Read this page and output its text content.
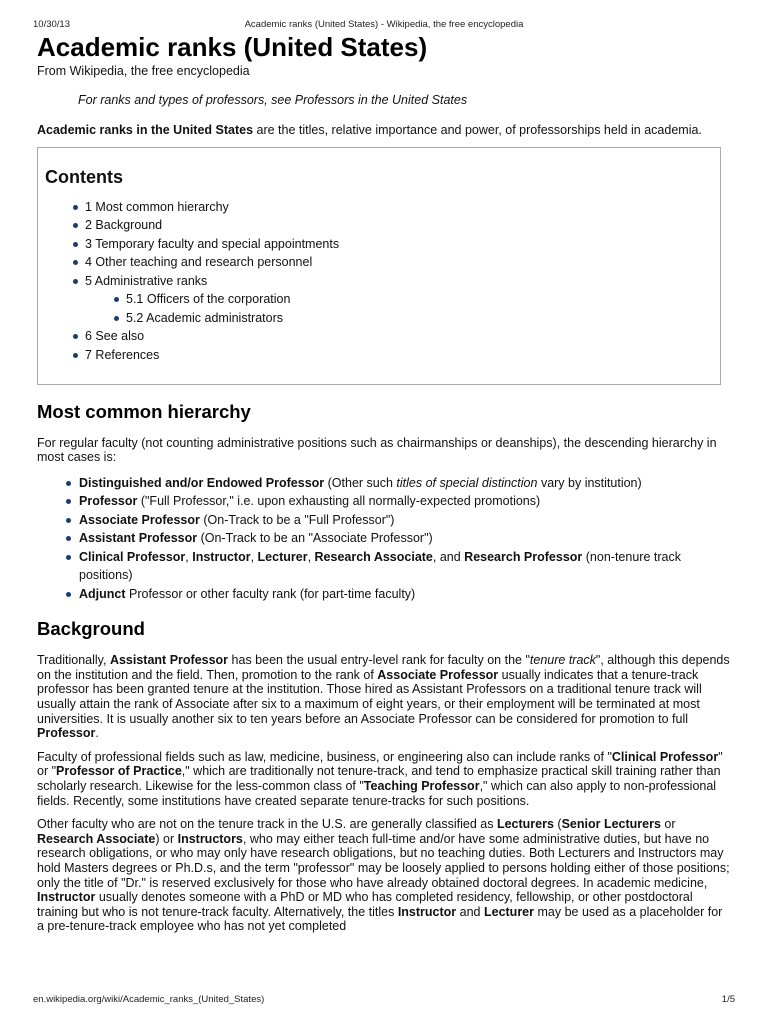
10/30/13	Academic ranks (United States) - Wikipedia, the free encyclopedia
Academic ranks (United States)
From Wikipedia, the free encyclopedia
For ranks and types of professors, see Professors in the United States

Academic ranks in the United States are the titles, relative importance and power, of professorships held in academia.

Contents
1 Most common hierarchy
2 Background
3 Temporary faculty and special appointments
4 Other teaching and research personnel
5 Administrative ranks
5.1 Officers of the corporation
5.2 Academic administrators
6 See also
7 References
Most common hierarchy

For regular faculty (not counting administrative positions such as chairmanships or deanships), the descending hierarchy in most cases is:

Distinguished and/or Endowed Professor (Other such titles of special distinction vary by institution)
Professor ("Full Professor," i.e. upon exhausting all normally-expected promotions)
Associate Professor (On-Track to be a "Full Professor")
Assistant Professor (On-Track to be an "Associate Professor")
Clinical Professor, Instructor, Lecturer, Research Associate, and Research Professor (non-tenure track positions)
Adjunct Professor or other faculty rank (for part-time faculty)
Background

Traditionally, Assistant Professor has been the usual entry-level rank for faculty on the "tenure track", although this depends on the institution and the field. Then, promotion to the rank of Associate Professor usually indicates that a tenure-track professor has been granted tenure at the institution. Those hired as Assistant Professors on a traditional tenure track will usually attain the rank of Associate after six to a maximum of eight years, or their employment will be terminated at most universities. It is usually another six to ten years before an Associate Professor can be considered for promotion to full Professor.

Faculty of professional fields such as law, medicine, business, or engineering also can include ranks of "Clinical Professor" or "Professor of Practice," which are traditionally not tenure-track, and tend to emphasize practical skill training rather than scholarly research. Likewise for the less-common class of "Teaching Professor," which can also apply to non-professional fields. Recently, some institutions have created separate tenure-tracks for such positions.

Other faculty who are not on the tenure track in the U.S. are generally classified as Lecturers (Senior Lecturers or Research Associate) or Instructors, who may either teach full-time and/or have some administrative duties, but have no research obligations, or who may only have research obligations, but no teaching duties. Both Lecturers and Instructors may hold Masters degrees or Ph.D.s, and the term "professor" may be loosely applied to persons holding either of those positions; only the title of "Dr." is reserved exclusively for those who have already obtained doctoral degrees. In academic medicine, Instructor usually denotes someone with a PhD or MD who has completed residency, fellowship, or other postdoctoral training but who is not tenure-track faculty. Alternatively, the titles Instructor and Lecturer may be used as a placeholder for a pre-tenure-track employee who has not yet completed

en.wikipedia.org/wiki/Academic_ranks_(United_States)	1/5
